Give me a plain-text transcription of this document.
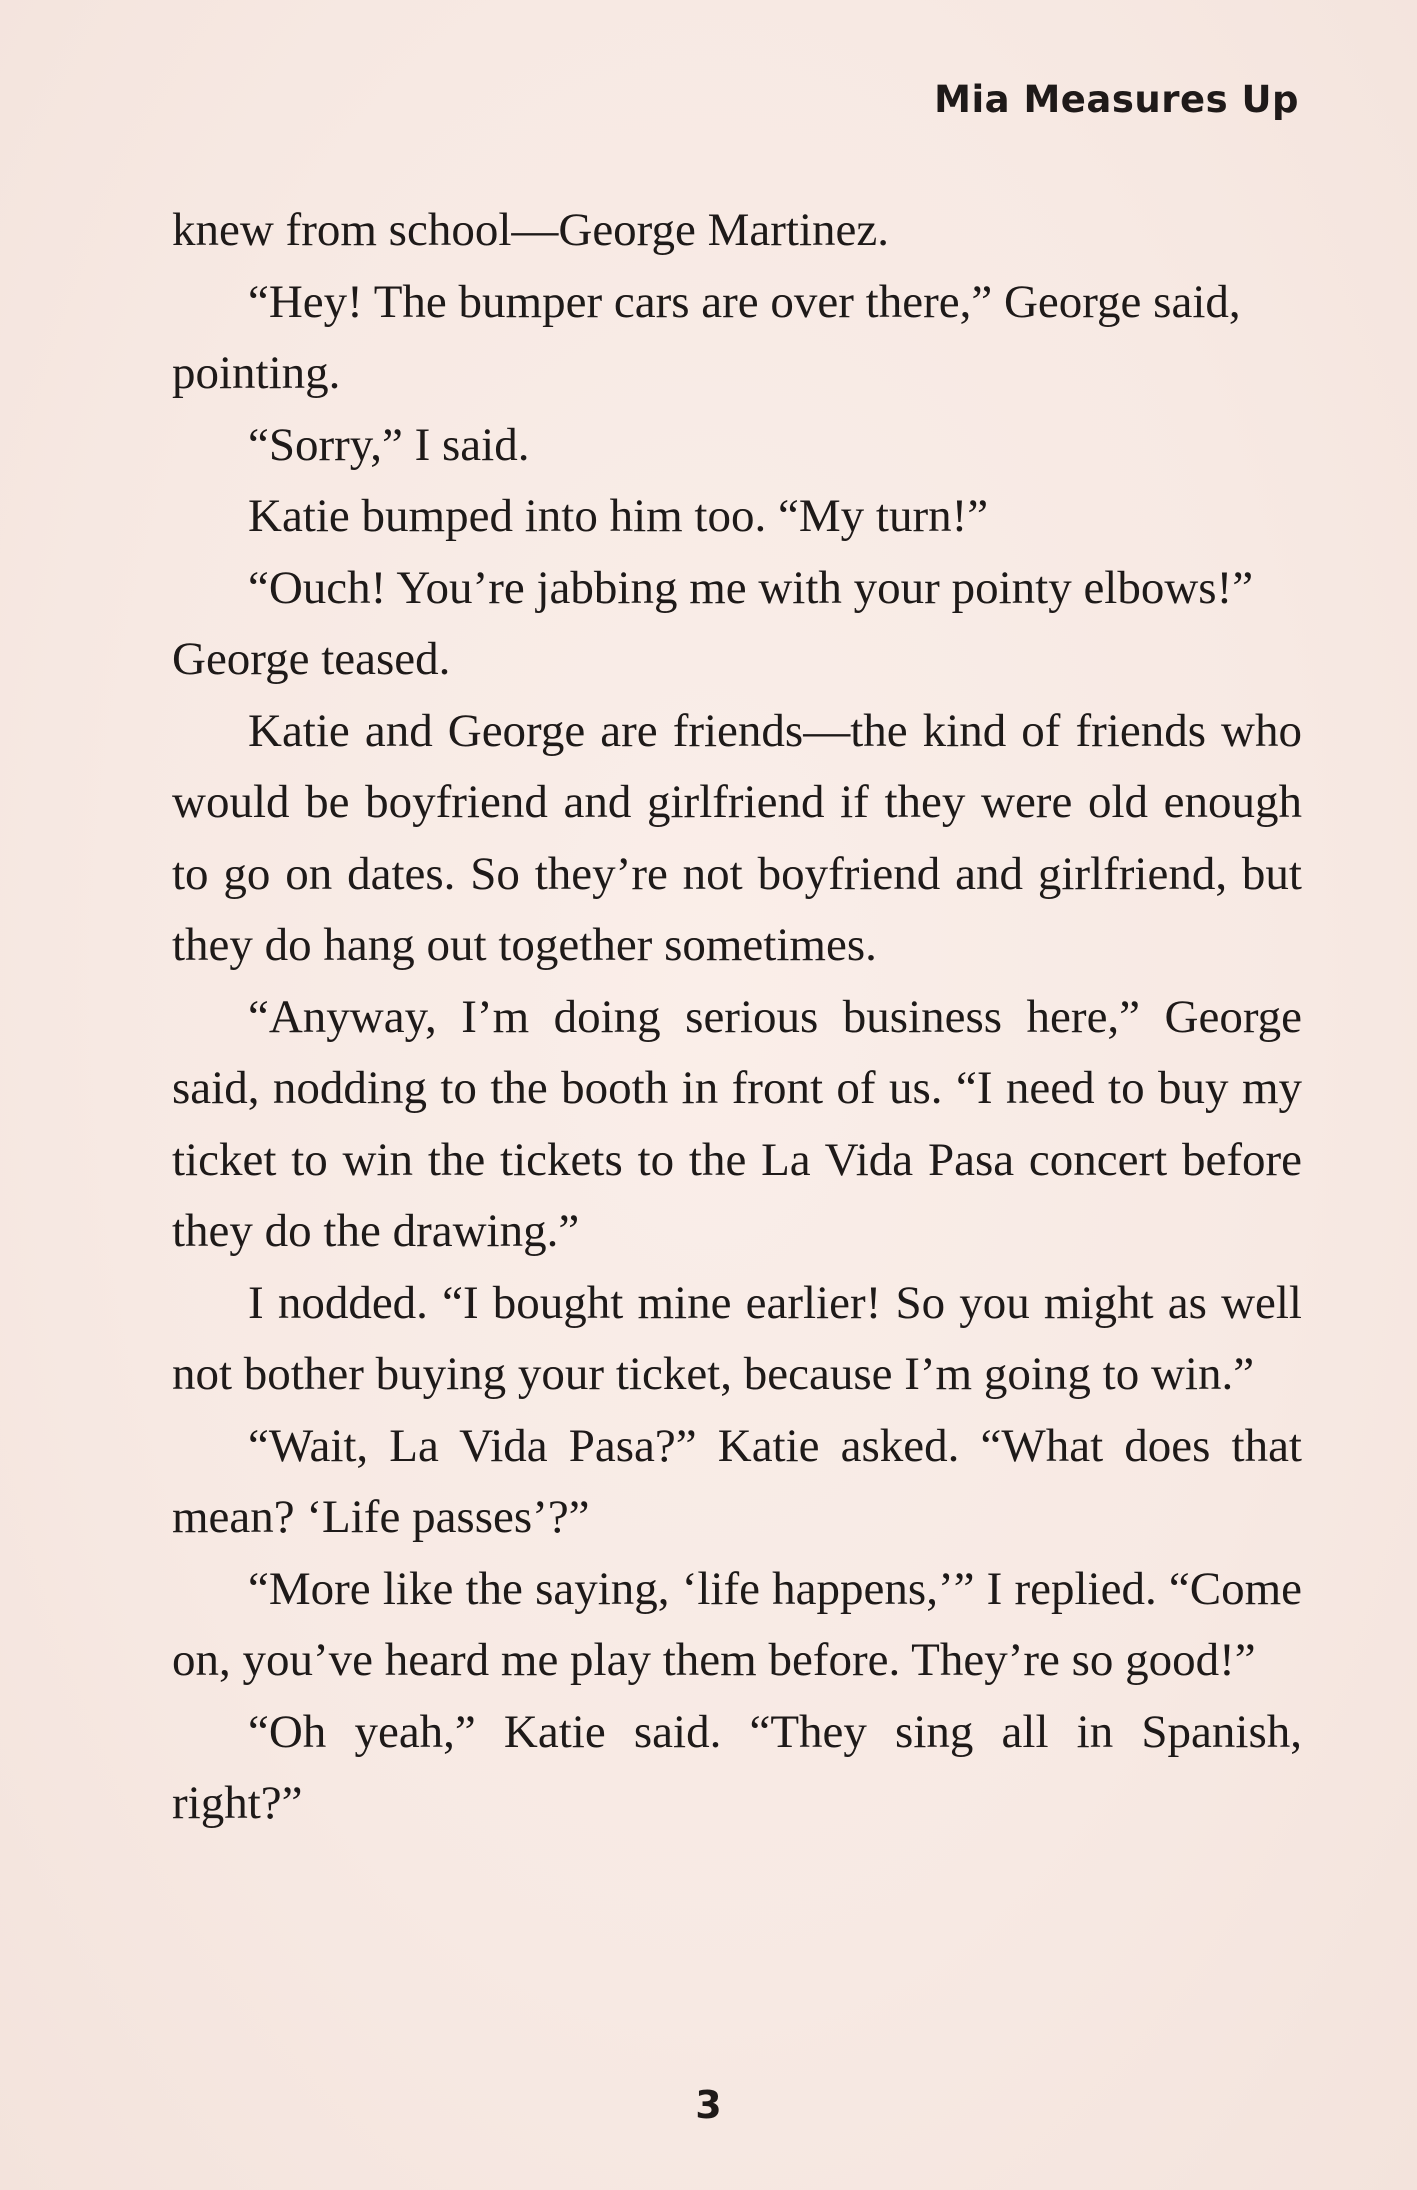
Mia Measures Up

knew from school—George Martinez.

“Hey! The bumper cars are over there,” George said, pointing.

“Sorry,” I said.

Katie bumped into him too. “My turn!”

“Ouch! You’re jabbing me with your pointy elbows!” George teased.

Katie and George are friends—the kind of friends who would be boyfriend and girlfriend if they were old enough to go on dates. So they’re not boyfriend and girlfriend, but they do hang out together sometimes.

“Anyway, I’m doing serious business here,” George said, nodding to the booth in front of us. “I need to buy my ticket to win the tickets to the La Vida Pasa concert before they do the drawing.”

I nodded. “I bought mine earlier! So you might as well not bother buying your ticket, because I’m going to win.”

“Wait, La Vida Pasa?” Katie asked. “What does that mean? ‘Life passes’?”

“More like the saying, ‘life happens,’” I replied. “Come on, you’ve heard me play them before. They’re so good!”

“Oh yeah,” Katie said. “They sing all in Spanish, right?”

3
